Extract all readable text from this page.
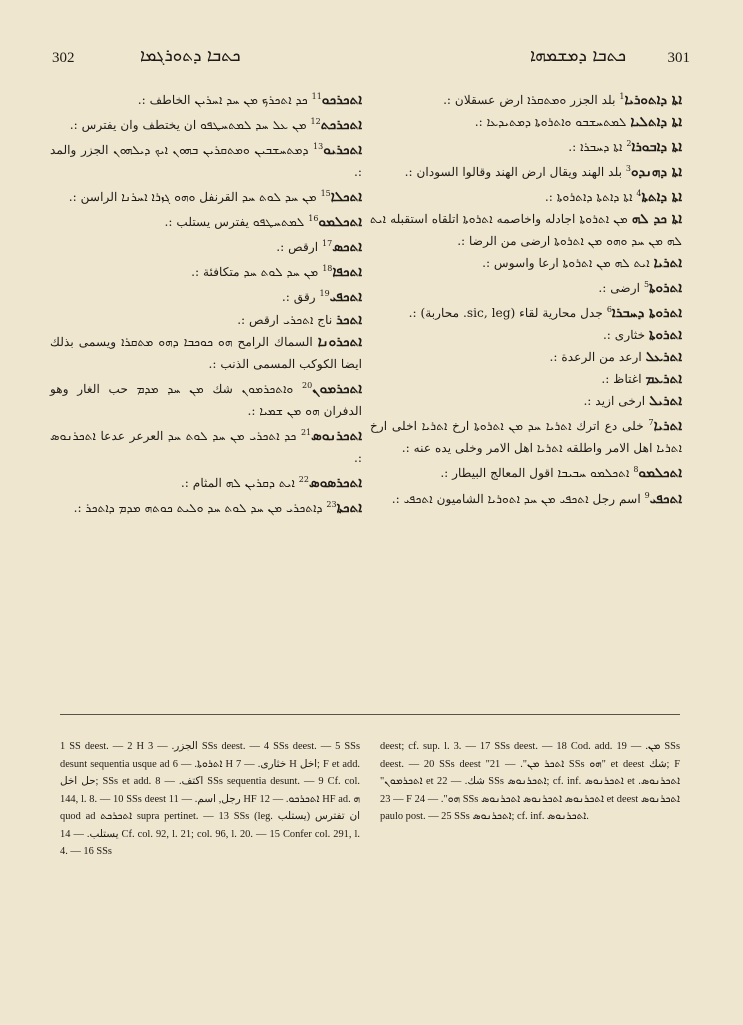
302	ܟܬܒܐ ܕܬܘܪܓܡܐ	ܟܬܒܐ ܕܡܫܡܗܐ	301

ܐܬܟܪܟܘ$^{11}$ ܟܕ ܐܬܟܪܟ ܡܢ ܚܕ ܐܚܪܝܢ الخاطف :.

ܐܬܟܪܟܬ$^{12}$ ܡܢ ܥܠ ܚܕ ܠܡܬܚܛܦܘ ان يختطف وان يفترس :.

ܐܬܟܪܝܘ$^{13}$ ܕܡܬܚܫܒܝܢ ܘܡܬܩܪܝܢ ܒܗܘܢ ܐܝܟ ܕܝܠܗܘܢ الجزر والمد :.

ܐܬܟܠܐ$^{15}$ ܡܢ ܚܕ ܠܘܬ ܚܕ القرنفل ܘܗܘ ܓܙܪܐ ܐܚܪܢܐ الراسن :.

ܐܬܟܠܡܘ$^{16}$ ܠܡܬܚܛܦܘ يفترس يستلب :.

ܐܬܟܣ$^{17}$ ارقص :.

ܐܬܟܦܐ$^{18}$ ܡܢ ܚܕ ܠܘܬ ܚܕ متكافئة :.

ܐܬܟܦܝ$^{19}$ رقق :.

ܐܬܟܪ ناج ܐܬܟܪܝ ارقص :.

ܐܬܟܪܘܢܐ السماك الرامح ܗܘ ܟܘܟܒܐ ܕܗܘ ܡܬܩܪܐ ويسمى بذلك ايضا الكوكب المسمى الذنب :.

ܐܬܟܪܡܘܢ$^{20}$ ܘܐܬܟܪܡܘܢ شك ܡܢ ܚܕ ܡܕܡ حب الغار وهو الدفران ܗܘ ܡܢ ܫܡܝܐ :.

ܐܬܟܪܢܘܣ$^{21}$ ܟܕ ܐܬܟܪܝ ܡܢ ܚܕ ܠܘܬ ܚܕ العرعر عدعا ܐܬܟܪܢܘܣ :.

ܐܬܟܪܣܘܣ$^{22}$ ܐܝܬ ܕܩܪܝܢ ܠܗ المثام :.

ܐܬܟܬܐ$^{23}$ ܕܐܬܟܪܝ ܡܢ ܚܕ ܠܘܬ ܚܕ ܘܠܝܬ ܟܘܬܗ ܡܕܡ ܕܐܬܟܪ :.

ܐܬܐ ܕܐܬܘܪܝܐ$^1$ بلد الجزر ܘܡܬܩܪܐ ارض عسقلان :.

ܐܬܐ ܕܐܬܠܝܐ ܠܡܬܚܫܒܘ ܘܐܬܪܘܬܐ ܕܡܬܝܕܥܐ :.

ܐܬܐ ܕܐܒܘܪܐ$^2$ ܐܬܐ ܕܚܒܪܐ :.

ܐܬܐ ܕܗܢܕܘ$^3$ بلد الهند ويقال ارض الهند وقالوا السودان :.

ܐܬܐ ܕܐܬܬܐ$^4$ ܐܬܐ ܕܐܬܬܐ ܕܐܬܪܘܬܐ :.

ܐܬܐ ܟܕ ܠܗ ܡܢ ܐܬܪܘܬܐ اجادله واخاصمه ܐܬܪܘܬܐ اتلقاه استقبله ܐܝܬ ܠܗ ܡܢ ܚܕ ܘܗܘ ܡܢ ܐܬܪܘܬܐ ارضى من الرضا :.

ܐܬܪܝܐ ܐܝܬ ܠܗ ܡܢ ܐܬܪܘܬܐ ارعا واسوس :.

ܐܬܪܘܬܐ$^5$ ارضى :.

ܐܬܪܘܬܐ ܕܚܒܪܐ$^6$ جدل محارية لقاء (sic, leg. محاربة) :.

ܐܬܪܘܬܐ خثارى :.

ܐܬܪܥܠ ارعد من الرعدة :.

ܐܬܪܥܡ اغتاظ :.

ܐܬܪܝܠ ارخى ازيد :.

ܐܬܪܝܐ$^7$ خلى دع اترك ܐܬܪܝܐ ܚܕ ܡܢ ܐܬܪܘܬܐ ارخ ܐܬܪܝܐ اخلى ارخ ܐܬܪܝܐ اهل الامر واطلقه ܐܬܪܝܐ اهل الامر وخلى يده عنه :.

ܐܬܟܠܡܘ$^8$ ܐܬܟܠܡܘ ܚܒܝܒܐ اقول المعالج البيطار :.

ܐܬܟܦܝ$^9$ اسم رجل ܐܬܟܦܝ ܡܢ ܚܕ ܐܬܘܪܝܐ الشاميون ܐܬܟܦܝ :.

1 SS deest. — 2 H الجزر. — 3 SSs deest. — 4 SSs deest. — 5 SSs desunt sequentia usque ad ܐܬܪܘܬܐ. — 6 H خثارى. — 7 H اخل; F et add. حل اخل; SSs et add. اكتف. — 8 SSs sequentia desunt. — 9 Cf. col. 144, l. 8. — 10 SSs deest رجل, اسم. — 11 HF ܐܬܟܪܟܘ. — 12 HF ad. ܗ quod ad ܐܬܟܪܟܬ supra pertinet. — 13 SSs (leg. يستلب) ان تفترس يستلب. — 14 Cf. col. 92, l. 21; col. 96, l. 20. — 15 Confer col. 291, l. 4. — 16 SSs
deest; cf. sup. l. 3. — 17 SSs deest. — 18 Cod. add. ܡܢ. — 19 SSs deest. — 20 SSs deest "ܐܬܟܪ ܡܢ". — 21 SSs ܗܘ" et deest شك; F "ܐܬܟܪܡܘܢ et شك. — 22 SSs ܐܬܟܪܢܘܣ; cf. inf. ܐܬܟܪܢܘܣ et ܐܬܟܪܢܘܣ. — 23 F ܗܘ". — 24 SSs ܐܬܟܪܢܘܣ ܐܬܟܪܢܘܣ ܐܬܟܪܢܘܣ et deest ܐܬܟܪܢܘܣ paulo post. — 25 SSs ܐܬܟܪܢܘܣ; cf. inf. ܐܬܟܪܢܘܣ.
